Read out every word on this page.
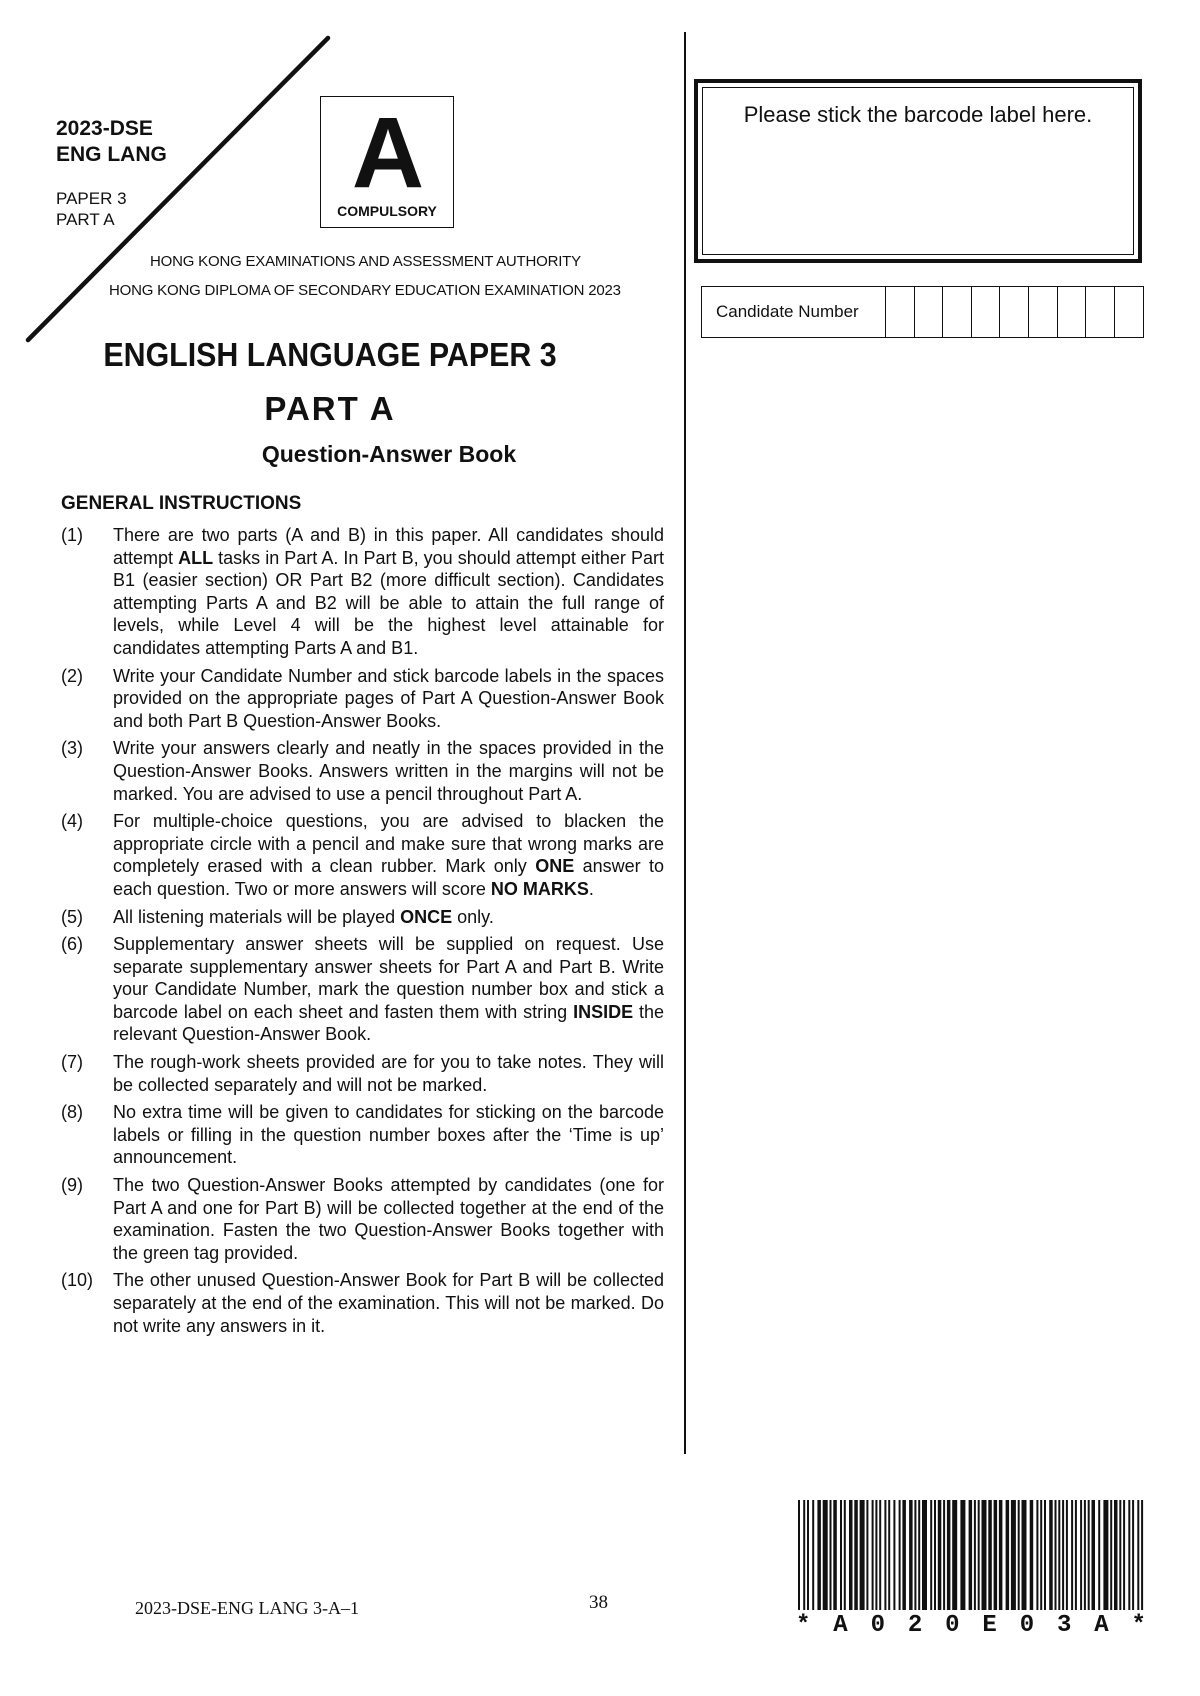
2023-DSE
ENG LANG
PAPER 3
PART A
A
COMPULSORY
HONG KONG EXAMINATIONS AND ASSESSMENT AUTHORITY
HONG KONG DIPLOMA OF SECONDARY EDUCATION EXAMINATION 2023
ENGLISH LANGUAGE PAPER 3
PART A
Question-Answer Book
GENERAL INSTRUCTIONS
(1)	There are two parts (A and B) in this paper. All candidates should attempt ALL tasks in Part A. In Part B, you should attempt either Part B1 (easier section) OR Part B2 (more difficult section). Candidates attempting Parts A and B2 will be able to attain the full range of levels, while Level 4 will be the highest level attainable for candidates attempting Parts A and B1.
(2)	Write your Candidate Number and stick barcode labels in the spaces provided on the appropriate pages of Part A Question-Answer Book and both Part B Question-Answer Books.
(3)	Write your answers clearly and neatly in the spaces provided in the Question-Answer Books. Answers written in the margins will not be marked. You are advised to use a pencil throughout Part A.
(4)	For multiple-choice questions, you are advised to blacken the appropriate circle with a pencil and make sure that wrong marks are completely erased with a clean rubber. Mark only ONE answer to each question. Two or more answers will score NO MARKS.
(5)	All listening materials will be played ONCE only.
(6)	Supplementary answer sheets will be supplied on request. Use separate supplementary answer sheets for Part A and Part B. Write your Candidate Number, mark the question number box and stick a barcode label on each sheet and fasten them with string INSIDE the relevant Question-Answer Book.
(7)	The rough-work sheets provided are for you to take notes. They will be collected separately and will not be marked.
(8)	No extra time will be given to candidates for sticking on the barcode labels or filling in the question number boxes after the ‘Time is up’ announcement.
(9)	The two Question-Answer Books attempted by candidates (one for Part A and one for Part B) will be collected together at the end of the examination. Fasten the two Question-Answer Books together with the green tag provided.
(10)	The other unused Question-Answer Book for Part B will be collected separately at the end of the examination. This will not be marked. Do not write any answers in it.
Please stick the barcode label here.
Candidate Number
2023-DSE-ENG LANG 3-A–1	38
* A 0 2 0 E 0 3 A *
